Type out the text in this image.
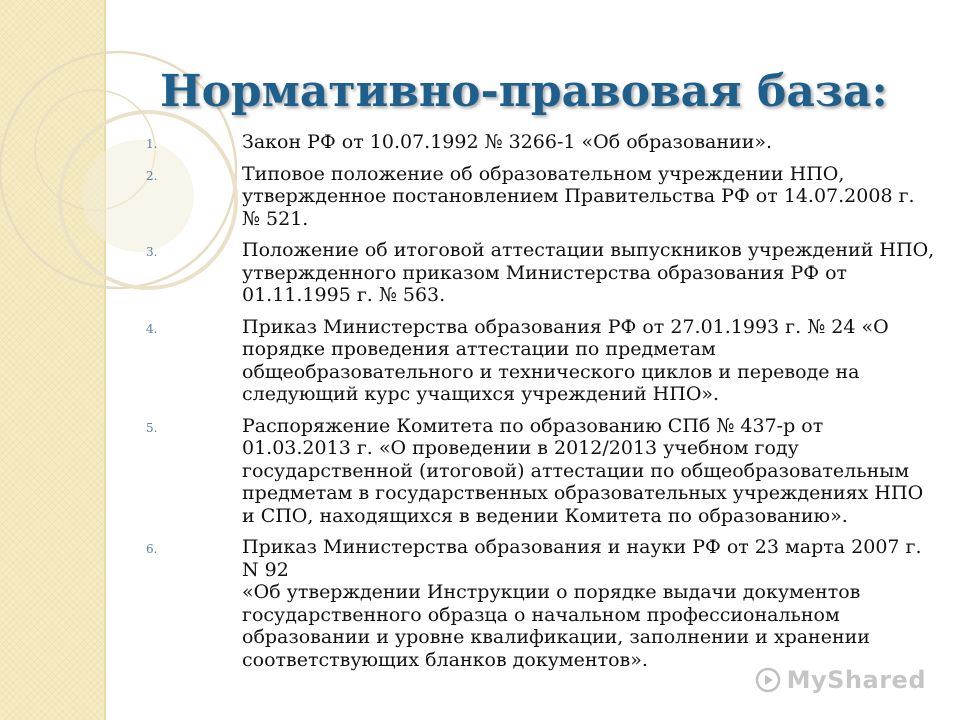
Нормативно-правовая база:
1.	Закон РФ от 10.07.1992 № 3266-1 «Об образовании».
2.	Типовое положение об образовательном учреждении НПО, утвержденное постановлением Правительства РФ от 14.07.2008 г. № 521.
3.	Положение об итоговой аттестации выпускников учреждений НПО, утвержденного приказом Министерства образования РФ от 01.11.1995 г. № 563.
4.	Приказ Министерства образования РФ от 27.01.1993 г. № 24 «О порядке проведения аттестации по предметам общеобразовательного и технического циклов и переводе на следующий курс учащихся учреждений НПО».
5.	Распоряжение Комитета по образованию СПб № 437-р от 01.03.2013 г. «О проведении в 2012/2013 учебном году государственной (итоговой) аттестации по общеобразовательным предметам в государственных образовательных учреждениях НПО и СПО, находящихся в ведении Комитета по образованию».
6.	Приказ Министерства образования и науки РФ от 23 марта 2007 г. N 92
«Об утверждении Инструкции о порядке выдачи документов государственного образца о начальном профессиональном образовании и уровне квалификации, заполнении и хранении соответствующих бланков документов».
MyShared
